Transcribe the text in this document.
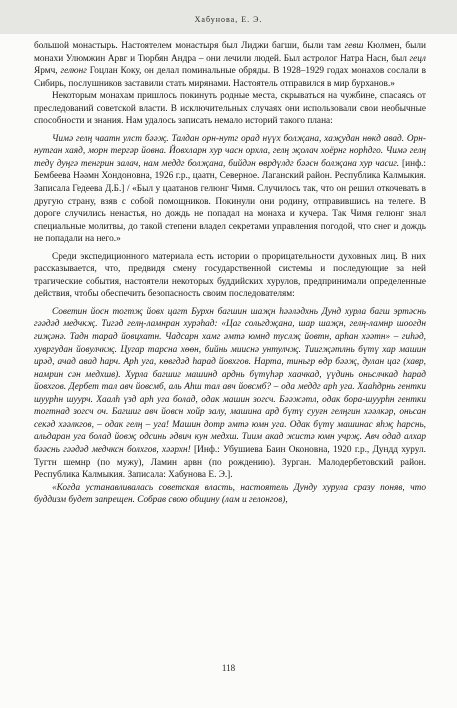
Хабунова, Е. Э.

большой монастырь. Настоятелем монастыря был Лиджи багши, были там гевш Кюлмен, были монахи Улюмжин Арвг и Тюрбян Андра – они лечили людей. Был астролог Натра Насн, был гецл Ярмч, гелюнг Гоцлан Коку, он делал поминальные обряды. В 1928–1929 годах монахов сослали в Сибирь, послушников заставили стать мирянами. Настоятель отправился в мир бурханов.»

Некоторым монахам пришлось покинуть родные места, скрываться на чужбине, спасаясь от преследований советской власти. В исключительных случаях они использовали свои необычные способности и знания. Нам удалось записать немало историй такого плана:

Чимә гелң чаатн улст бәәҗ. Талдан орн-нутг орад нүүх болҗана, хаҗудан нөкд авад. Орн-нутган хаяд, морн тергәр йовна. Йовхларн хур часн орхла, гелң җолач хоёрнг норһдго. Чимә гелң тедү дуңгә тенгрин залач, нам меддг болҗана, бийдән өврдүлдг бәәсн болҗана хур часиг. [инф.: Бембеева Нәәмн Хондоновна, 1926 г.р., цаатн, Северное. Лаганский район. Республика Калмыкия. Записала Гедеева Д.Б.] / «Был у цаатанов гелюнг Чимя. Случилось так, что он решил откочевать в другую страну, взяв с собой помощников. Покинули они родину, отправившись на телеге. В дороге случились ненастья, но дождь не попадал на монаха и кучера. Так Чимя гелюнг знал специальные молитвы, до такой степени владел секретами управления погодой, что снег и дождь не попадали на него.»

Среди экспедиционного материала есть истории о прорицательности духовных лиц. В них рассказывается, что, предвидя смену государственной системы и последующие за ней трагические события, настоятели некоторых буддийских хурулов, предпринимали определенные действия, чтобы обеспечить безопасность своим последователям:

Советин йосн тогтҗ йовх цагт Бурхн багшин шаҗн һәәләдхнь Дунд хурла багш эртәснь гәәдәд медчкҗ. Тигәд гелң-ламнран хурәһад: «Цаг сольгдҗана, шар шаҗн, гелң-ламнр шоогдн гиҗәнә. Тадн тарад йовцхатн. Чадсарн хамг әмтә юмнд туслҗ йовтн, арһан хәәтн» – гиһәд, хувргудан йовулчкҗ. Цугар тарсна хөөн, бийнь мииснә унтулчҗ. Тиигҗәтлнь бүтү хар машин ирәд, ачад авад һарч. Арһ уга, көвгдәд һарад йовхгов. Нарта, тиньгр өдр бәәҗ, дулан цаг (хавр, намрин сән медхшв). Хурла багшиг машинд арднь бүтүһәр хаачкад, үүдинь оньслчкад һарад йовхгов. Дербет тал авч йовсмб, аль Аһш тал авч йовсмб? – ода меддг арһ уга. Хааһдрнь гентки шуурһн шуурч. Хаалһ үзд арһ уга болад, одак машин зогсч. Бәәжәтл, одак бора-шуурһн гентки тогтнад зогсч оч. Багшиг авч йовсн хойр залу, машина ард бүтү сууғн гелңгин хәәлкәр, оньсан секәд хәәлкгов, – одак гелң – уга! Машин дотр әмтә юмн уга. Одак бүтү машинас яһҗ һарснь, альдаран уга болад йовҗ одсинь әдвич кун медхш. Тиим акад жистә юмн учрҗ. Авч одад алхар бәәснь гәәдәд медчксн болхгов, хәәрхн! [Инф.: Убушиева Баин Оконовна, 1920 г.р., Дундд хурул. Тугтн шемнр (по мужу), Ламин арвн (по рождению). Зурган. Малодербетовский район. Республика Калмыкия. Записала: Хабунова Е. Э.].

«Когда устанавливалась советская власть, настоятель Дунду хурула сразу поняв, что буддизм будет запрещен. Собрав свою общину (лам и гелонгов),

118
